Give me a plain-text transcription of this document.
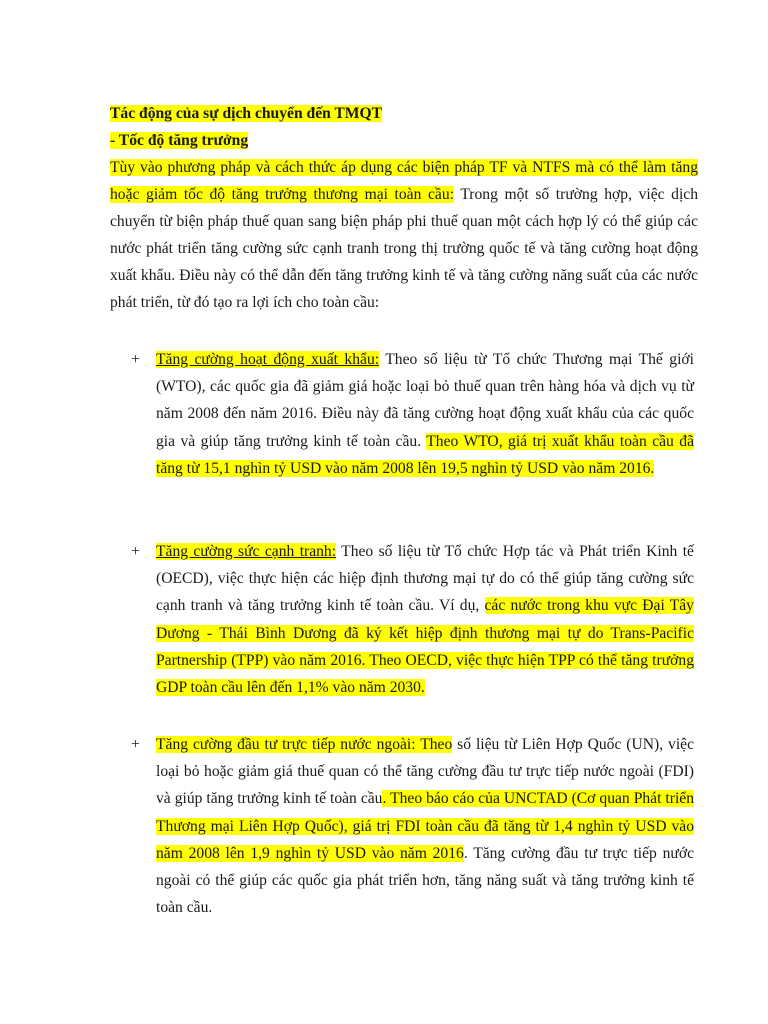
Tác động của sự dịch chuyển đến TMQT
- Tốc độ tăng trưởng
Tùy vào phương pháp và cách thức áp dụng các biện pháp TF và NTFS mà có thể làm tăng hoặc giảm tốc độ tăng trưởng thương mại toàn cầu: Trong một số trường hợp, việc dịch chuyển từ biện pháp thuế quan sang biện pháp phi thuế quan một cách hợp lý có thể giúp các nước phát triển tăng cường sức cạnh tranh trong thị trường quốc tế và tăng cường hoạt động xuất khẩu. Điều này có thể dẫn đến tăng trưởng kinh tế và tăng cường năng suất của các nước phát triển, từ đó tạo ra lợi ích cho toàn cầu:
+	Tăng cường hoạt động xuất khẩu: Theo số liệu từ Tổ chức Thương mại Thế giới (WTO), các quốc gia đã giảm giá hoặc loại bỏ thuế quan trên hàng hóa và dịch vụ từ năm 2008 đến năm 2016. Điều này đã tăng cường hoạt động xuất khẩu của các quốc gia và giúp tăng trưởng kinh tế toàn cầu. Theo WTO, giá trị xuất khẩu toàn cầu đã tăng từ 15,1 nghìn tỷ USD vào năm 2008 lên 19,5 nghìn tỷ USD vào năm 2016.
+	Tăng cường sức cạnh tranh: Theo số liệu từ Tổ chức Hợp tác và Phát triển Kinh tế (OECD), việc thực hiện các hiệp định thương mại tự do có thể giúp tăng cường sức cạnh tranh và tăng trưởng kinh tế toàn cầu. Ví dụ, các nước trong khu vực Đại Tây Dương - Thái Bình Dương đã ký kết hiệp định thương mại tự do Trans-Pacific Partnership (TPP) vào năm 2016. Theo OECD, việc thực hiện TPP có thể tăng trưởng GDP toàn cầu lên đến 1,1% vào năm 2030.
+	Tăng cường đầu tư trực tiếp nước ngoài: Theo số liệu từ Liên Hợp Quốc (UN), việc loại bỏ hoặc giảm giá thuế quan có thể tăng cường đầu tư trực tiếp nước ngoài (FDI) và giúp tăng trưởng kinh tế toàn cầu. Theo báo cáo của UNCTAD (Cơ quan Phát triển Thương mại Liên Hợp Quốc), giá trị FDI toàn cầu đã tăng từ 1,4 nghìn tỷ USD vào năm 2008 lên 1,9 nghìn tỷ USD vào năm 2016. Tăng cường đầu tư trực tiếp nước ngoài có thể giúp các quốc gia phát triển hơn, tăng năng suất và tăng trưởng kinh tế toàn cầu.
